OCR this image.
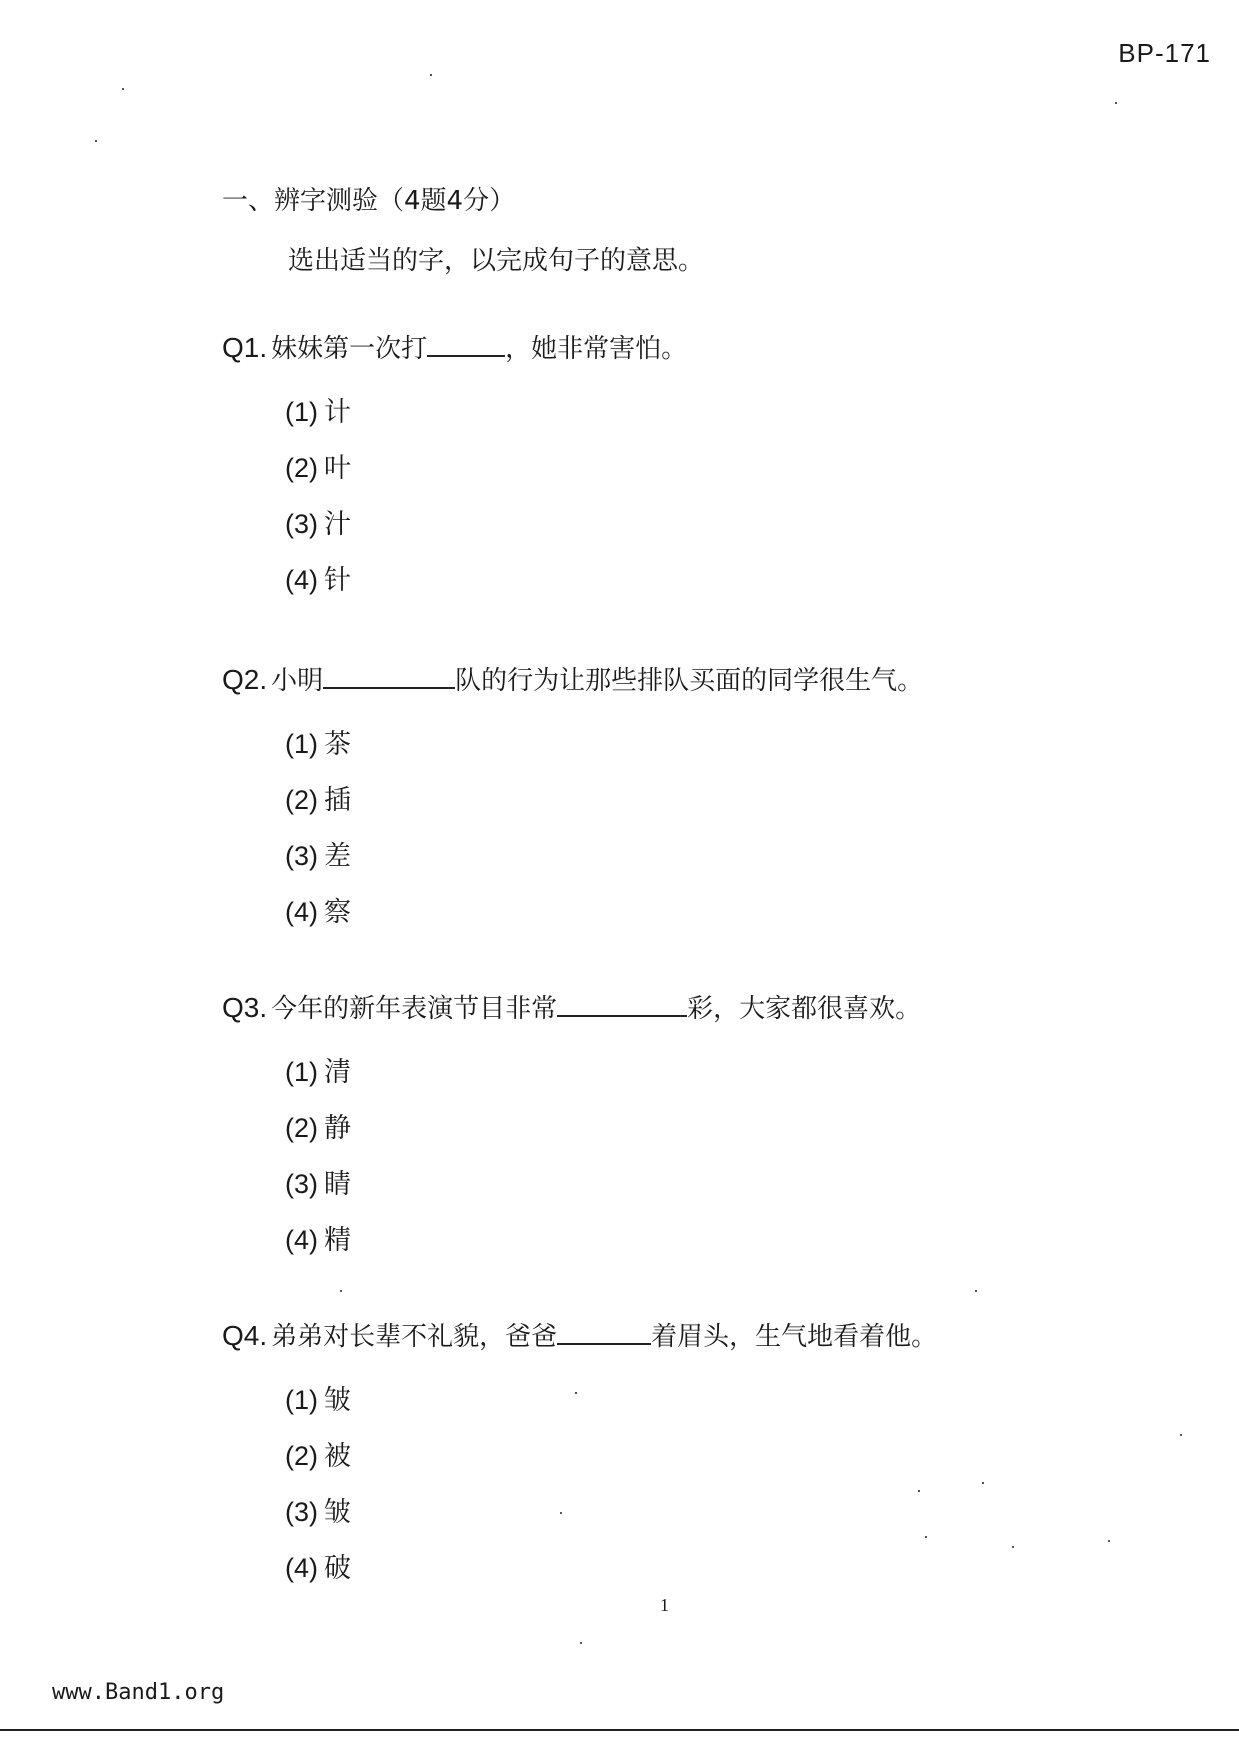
BP-171
一、辨字测验（4题4分）
选出适当的字，以完成句子的意思。
Q1. 妹妹第一次打	，她非常害怕。
(1) 计
(2) 叶
(3) 汁
(4) 针
Q2. 小明	队的行为让那些排队买面的同学很生气。
(1) 茶
(2) 插
(3) 差
(4) 察
Q3. 今年的新年表演节目非常	彩，大家都很喜欢。
(1) 清
(2) 静
(3) 睛
(4) 精
Q4. 弟弟对长辈不礼貌，爸爸	着眉头，生气地看着他。
(1) 皱
(2) 被
(3) 皱
(4) 破
1
www.Band1.org
